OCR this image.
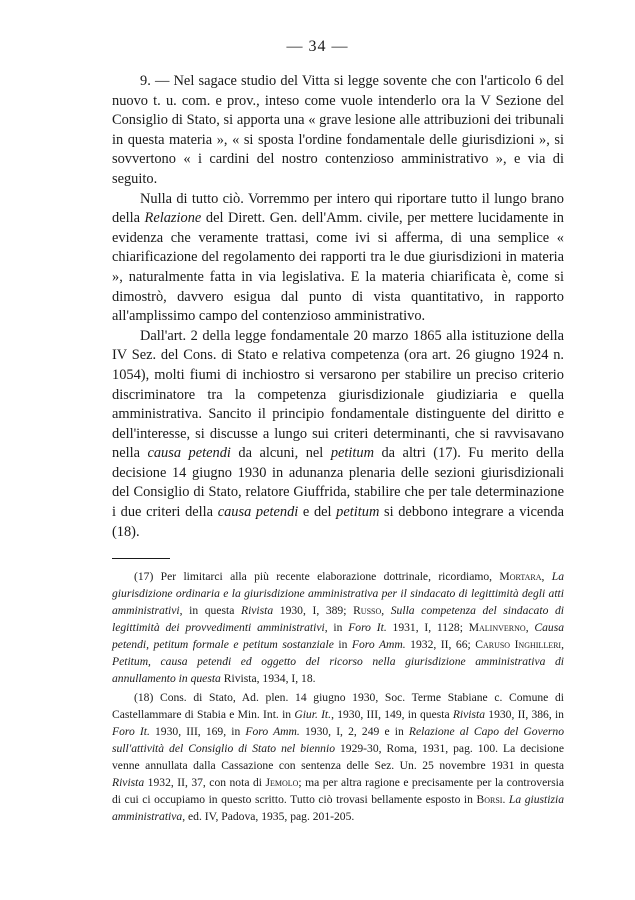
— 34 —

9. — Nel sagace studio del Vitta si legge sovente che con l'articolo 6 del nuovo t. u. com. e prov., inteso come vuole intenderlo ora la V Sezione del Consiglio di Stato, si apporta una « grave lesione alle attribuzioni dei tribunali in questa materia », « si sposta l'ordine fondamentale delle giurisdizioni », si sovvertono « i cardini del nostro contenzioso amministrativo », e via di seguito.

Nulla di tutto ciò. Vorremmo per intero qui riportare tutto il lungo brano della Relazione del Dirett. Gen. dell'Amm. civile, per mettere lucidamente in evidenza che veramente trattasi, come ivi si afferma, di una semplice « chiarificazione del regolamento dei rapporti tra le due giurisdizioni in materia », naturalmente fatta in via legislativa. E la materia chiarificata è, come si dimostrò, davvero esigua dal punto di vista quantitativo, in rapporto all'amplissimo campo del contenzioso amministrativo.

Dall'art. 2 della legge fondamentale 20 marzo 1865 alla istituzione della IV Sez. del Cons. di Stato e relativa competenza (ora art. 26 giugno 1924 n. 1054), molti fiumi di inchiostro si versarono per stabilire un preciso criterio discriminatore tra la competenza giurisdizionale giudiziaria e quella amministrativa. Sancito il principio fondamentale distinguente del diritto e dell'interesse, si discusse a lungo sui criteri determinanti, che si ravvisavano nella causa petendi da alcuni, nel petitum da altri (17). Fu merito della decisione 14 giugno 1930 in adunanza plenaria delle sezioni giurisdizionali del Consiglio di Stato, relatore Giuffrida, stabilire che per tale determinazione i due criteri della causa petendi e del petitum si debbono integrare a vicenda (18).

(17) Per limitarci alla più recente elaborazione dottrinale, ricordiamo, Mortara, La giurisdizione ordinaria e la giurisdizione amministrativa per il sindacato di legittimità degli atti amministrativi, in questa Rivista 1930, I, 389; Russo, Sulla competenza del sindacato di legittimità dei provvedimenti amministrativi, in Foro It. 1931, I, 1128; Malinverno, Causa petendi, petitum formale e petitum sostanziale in Foro Amm. 1932, II, 66; Caruso Inghilleri, Petitum, causa petendi ed oggetto del ricorso nella giurisdizione amministrativa di annullamento in questa Rivista, 1934, I, 18.

(18) Cons. di Stato, Ad. plen. 14 giugno 1930, Soc. Terme Stabiane c. Comune di Castellammare di Stabia e Min. Int. in Giur. It., 1930, III, 149, in questa Rivista 1930, II, 386, in Foro It. 1930, III, 169, in Foro Amm. 1930, I, 2, 249 e in Relazione al Capo del Governo sull'attività del Consiglio di Stato nel biennio 1929-30, Roma, 1931, pag. 100. La decisione venne annullata dalla Cassazione con sentenza delle Sez. Un. 25 novembre 1931 in questa Rivista 1932, II, 37, con nota di Jemolo; ma per altra ragione e precisamente per la controversia di cui ci occupiamo in questo scritto. Tutto ciò trovasi bellamente esposto in Borsi. La giustizia amministrativa, ed. IV, Padova, 1935, pag. 201-205.
